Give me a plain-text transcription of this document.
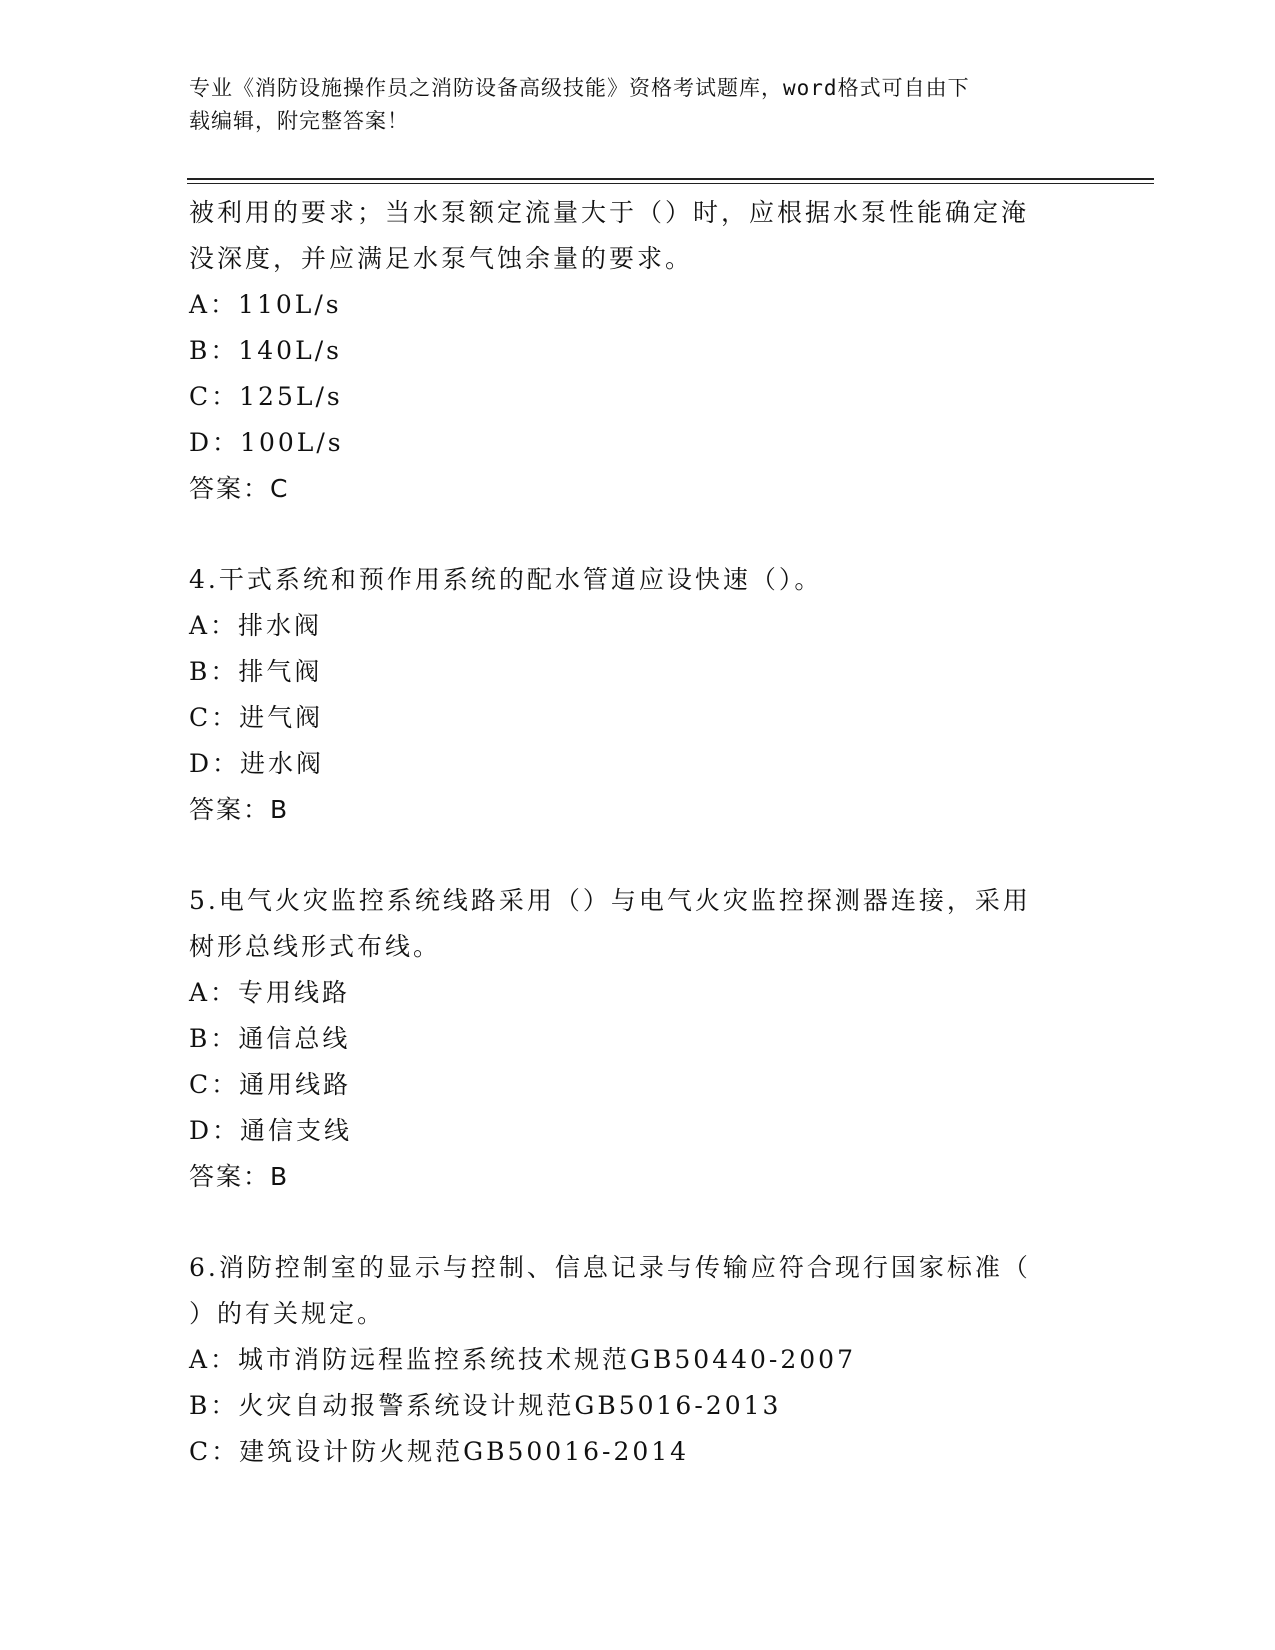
专业《消防设施操作员之消防设备高级技能》资格考试题库，word格式可自由下
载编辑，附完整答案！
被利用的要求；当水泵额定流量大于（）时，应根据水泵性能确定淹
没深度，并应满足水泵气蚀余量的要求。
A：110L/s
B：140L/s
C：125L/s
D：100L/s
答案：C
4.干式系统和预作用系统的配水管道应设快速（）。
A：排水阀
B：排气阀
C：进气阀
D：进水阀
答案：B
5.电气火灾监控系统线路采用（）与电气火灾监控探测器连接，采用
树形总线形式布线。
A：专用线路
B：通信总线
C：通用线路
D：通信支线
答案：B
6.消防控制室的显示与控制、信息记录与传输应符合现行国家标准（
）的有关规定。
A：城市消防远程监控系统技术规范GB50440-2007
B：火灾自动报警系统设计规范GB5016-2013
C：建筑设计防火规范GB50016-2014
